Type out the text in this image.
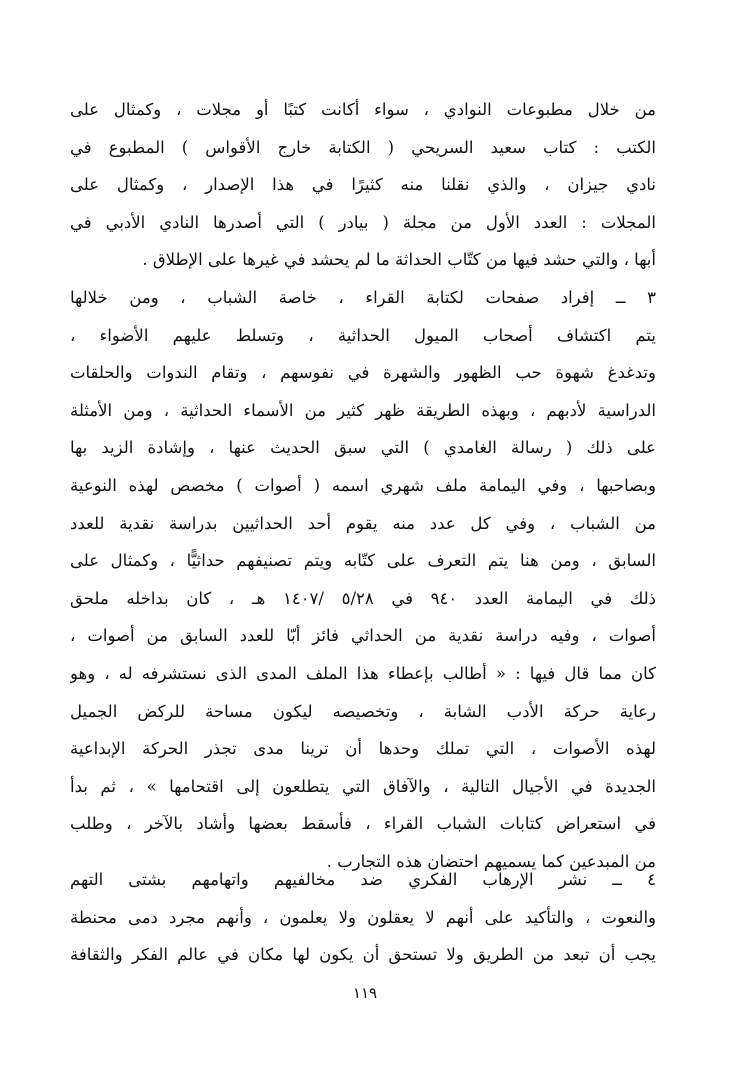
من خلال مطبوعات النوادي ، سواء أكانت كتبًا أو مجلات ، وكمثال على
الكتب : كتاب سعيد السريحي ( الكتابة خارج الأقواس ) المطبوع في
نادي جيزان ، والذي نقلنا منه كثيرًا في هذا الإصدار ، وكمثال على
المجلات : العدد الأول من مجلة ( بيادر ) التي أصدرها النادي الأدبي في
أبها ، والتي حشد فيها من كتّاب الحداثة ما لم يحشد في غيرها على الإطلاق .
٣ ــ إفراد صفحات لكتابة القراء ، خاصة الشباب ، ومن خلالها
يتم اكتشاف أصحاب الميول الحداثية ، وتسلط عليهم الأضواء ،
وتدغدغ شهوة حب الظهور والشهرة في نفوسهم ، وتقام الندوات والحلقات
الدراسية لأدبهم ، وبهذه الطريقة ظهر كثير من الأسماء الحداثية ، ومن الأمثلة
على ذلك ( رسالة الغامدي ) التي سبق الحديث عنها ، وإشادة الزيد بها
وبصاحبها ، وفي اليمامة ملف شهري اسمه ( أصوات ) مخصص لهذه النوعية
من الشباب ، وفي كل عدد منه يقوم أحد الحداثيين بدراسة نقدية للعدد
السابق ، ومن هنا يتم التعرف على كتّابه ويتم تصنيفهم حداثيًّا ، وكمثال على
ذلك في اليمامة العدد ٩٤٠ في ٥/٢٨ /١٤٠٧ هـ ، كان بداخله ملحق
أصوات ، وفيه دراسة نقدية من الحداثي فائز أبّا للعدد السابق من أصوات ،
كان مما قال فيها : « أطالب بإعطاء هذا الملف المدى الذى نستشرفه له ، وهو
رعاية حركة الأدب الشابة ، وتخصيصه ليكون مساحة للركض الجميل
لهذه الأصوات ، التي تملك وحدها أن ترينا مدى تجذر الحركة الإبداعية
الجديدة في الأجيال التالية ، والآفاق التي يتطلعون إلى اقتحامها » ، ثم بدأ
في استعراض كتابات الشباب القراء ، فأسقط بعضها وأشاد بالآخر ، وطلب
من المبدعين كما يسميهم احتضان هذه التجارب .
٤ ــ نشر الإرهاب الفكري ضد مخالفيهم واتهامهم بشتى التهم
والنعوت ، والتأكيد على أنهم لا يعقلون ولا يعلمون ، وأنهم مجرد دمى محنطة
يجب أن تبعد من الطريق ولا تستحق أن يكون لها مكان في عالم الفكر والثقافة
١١٩
